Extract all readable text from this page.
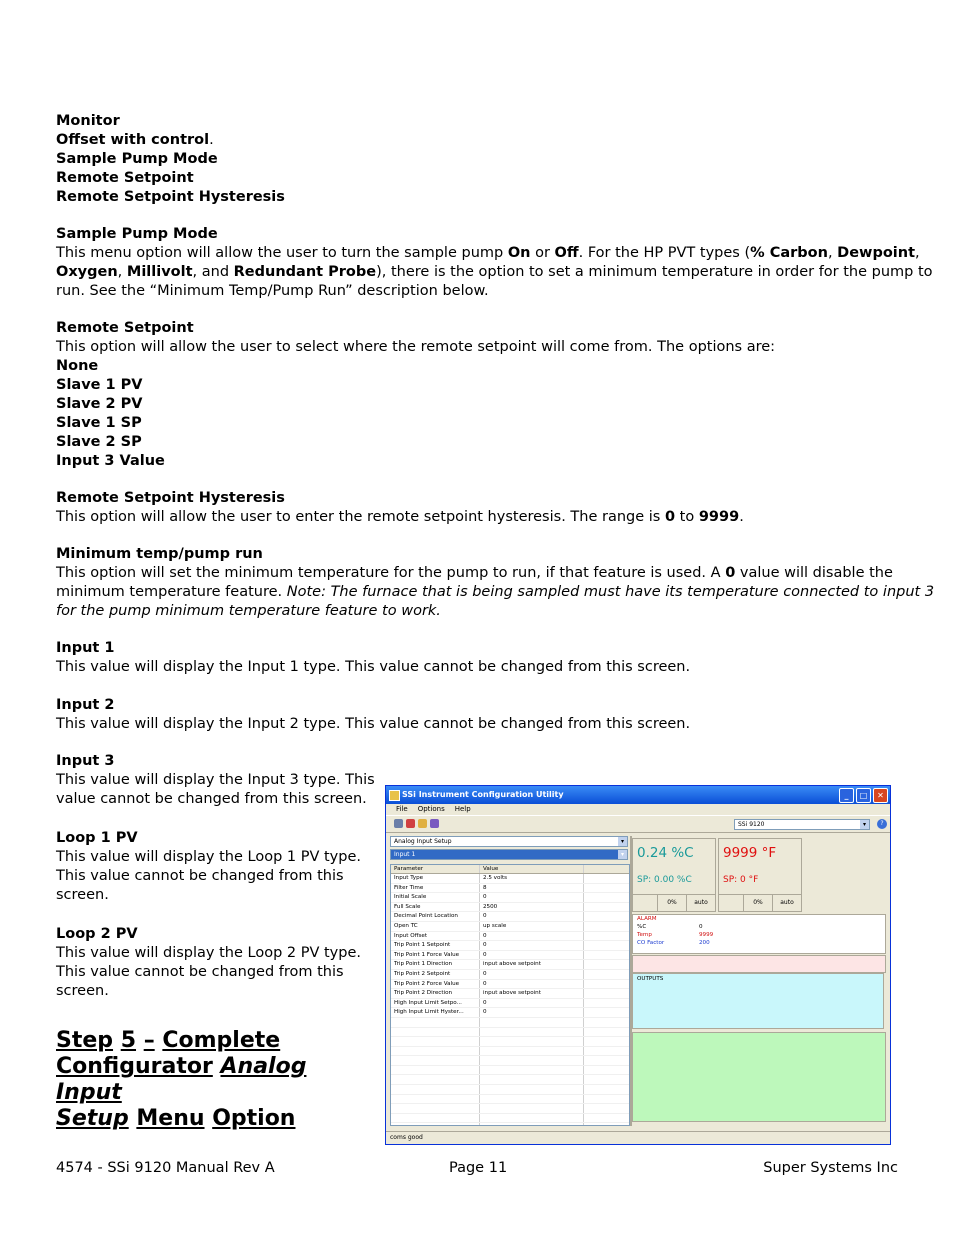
Monitor
Offset with control.
Sample Pump Mode
Remote Setpoint
Remote Setpoint Hysteresis
Sample Pump Mode
This menu option will allow the user to turn the sample pump On or Off. For the HP PVT types (% Carbon, Dewpoint,
Oxygen, Millivolt, and Redundant Probe), there is the option to set a minimum temperature in order for the pump to
run. See the “Minimum Temp/Pump Run” description below.
Remote Setpoint
This option will allow the user to select where the remote setpoint will come from. The options are:
None
Slave 1 PV
Slave 2 PV
Slave 1 SP
Slave 2 SP
Input 3 Value
Remote Setpoint Hysteresis
This option will allow the user to enter the remote setpoint hysteresis. The range is 0 to 9999.
Minimum temp/pump run
This option will set the minimum temperature for the pump to run, if that feature is used. A 0 value will disable the
minimum temperature feature. Note: The furnace that is being sampled must have its temperature connected to input 3
for the pump minimum temperature feature to work.
Input 1
This value will display the Input 1 type. This value cannot be changed from this screen.
Input 2
This value will display the Input 2 type. This value cannot be changed from this screen.
Input 3
This value will display the Input 3 type. This
value cannot be changed from this screen.
Loop 1 PV
This value will display the Loop 1 PV type.
This value cannot be changed from this
screen.
Loop 2 PV
This value will display the Loop 2 PV type.
This value cannot be changed from this
screen.
Step 5 – Complete
Configurator Analog Input
Setup Menu Option
SSi Instrument Configuration Utility	_	□	✕
File Options Help
SSi 9120	▾	?
Analog Input Setup	▾
Input 1	▾
Parameter	Value
Input Type	2.5 volts
Filter Time	8
Initial Scale	0
Full Scale	2500
Decimal Point Location	0
Open TC	up scale
Input Offset	0
Trip Point 1 Setpoint	0
Trip Point 1 Force Value	0
Trip Point 1 Direction	input above setpoint
Trip Point 2 Setpoint	0
Trip Point 2 Force Value	0
Trip Point 2 Direction	input above setpoint
High Input Limit Setpo...	0
High Input Limit Hyster...	0
0.24 %C
SP: 0.00 %C
0%	auto
9999 °F
SP: 0 °F
0%	auto
ALARM
%C	0
Temp	9999
CO Factor	200
OUTPUTS
coms good
4574 - SSi 9120 Manual Rev A	Page 11	Super Systems Inc
